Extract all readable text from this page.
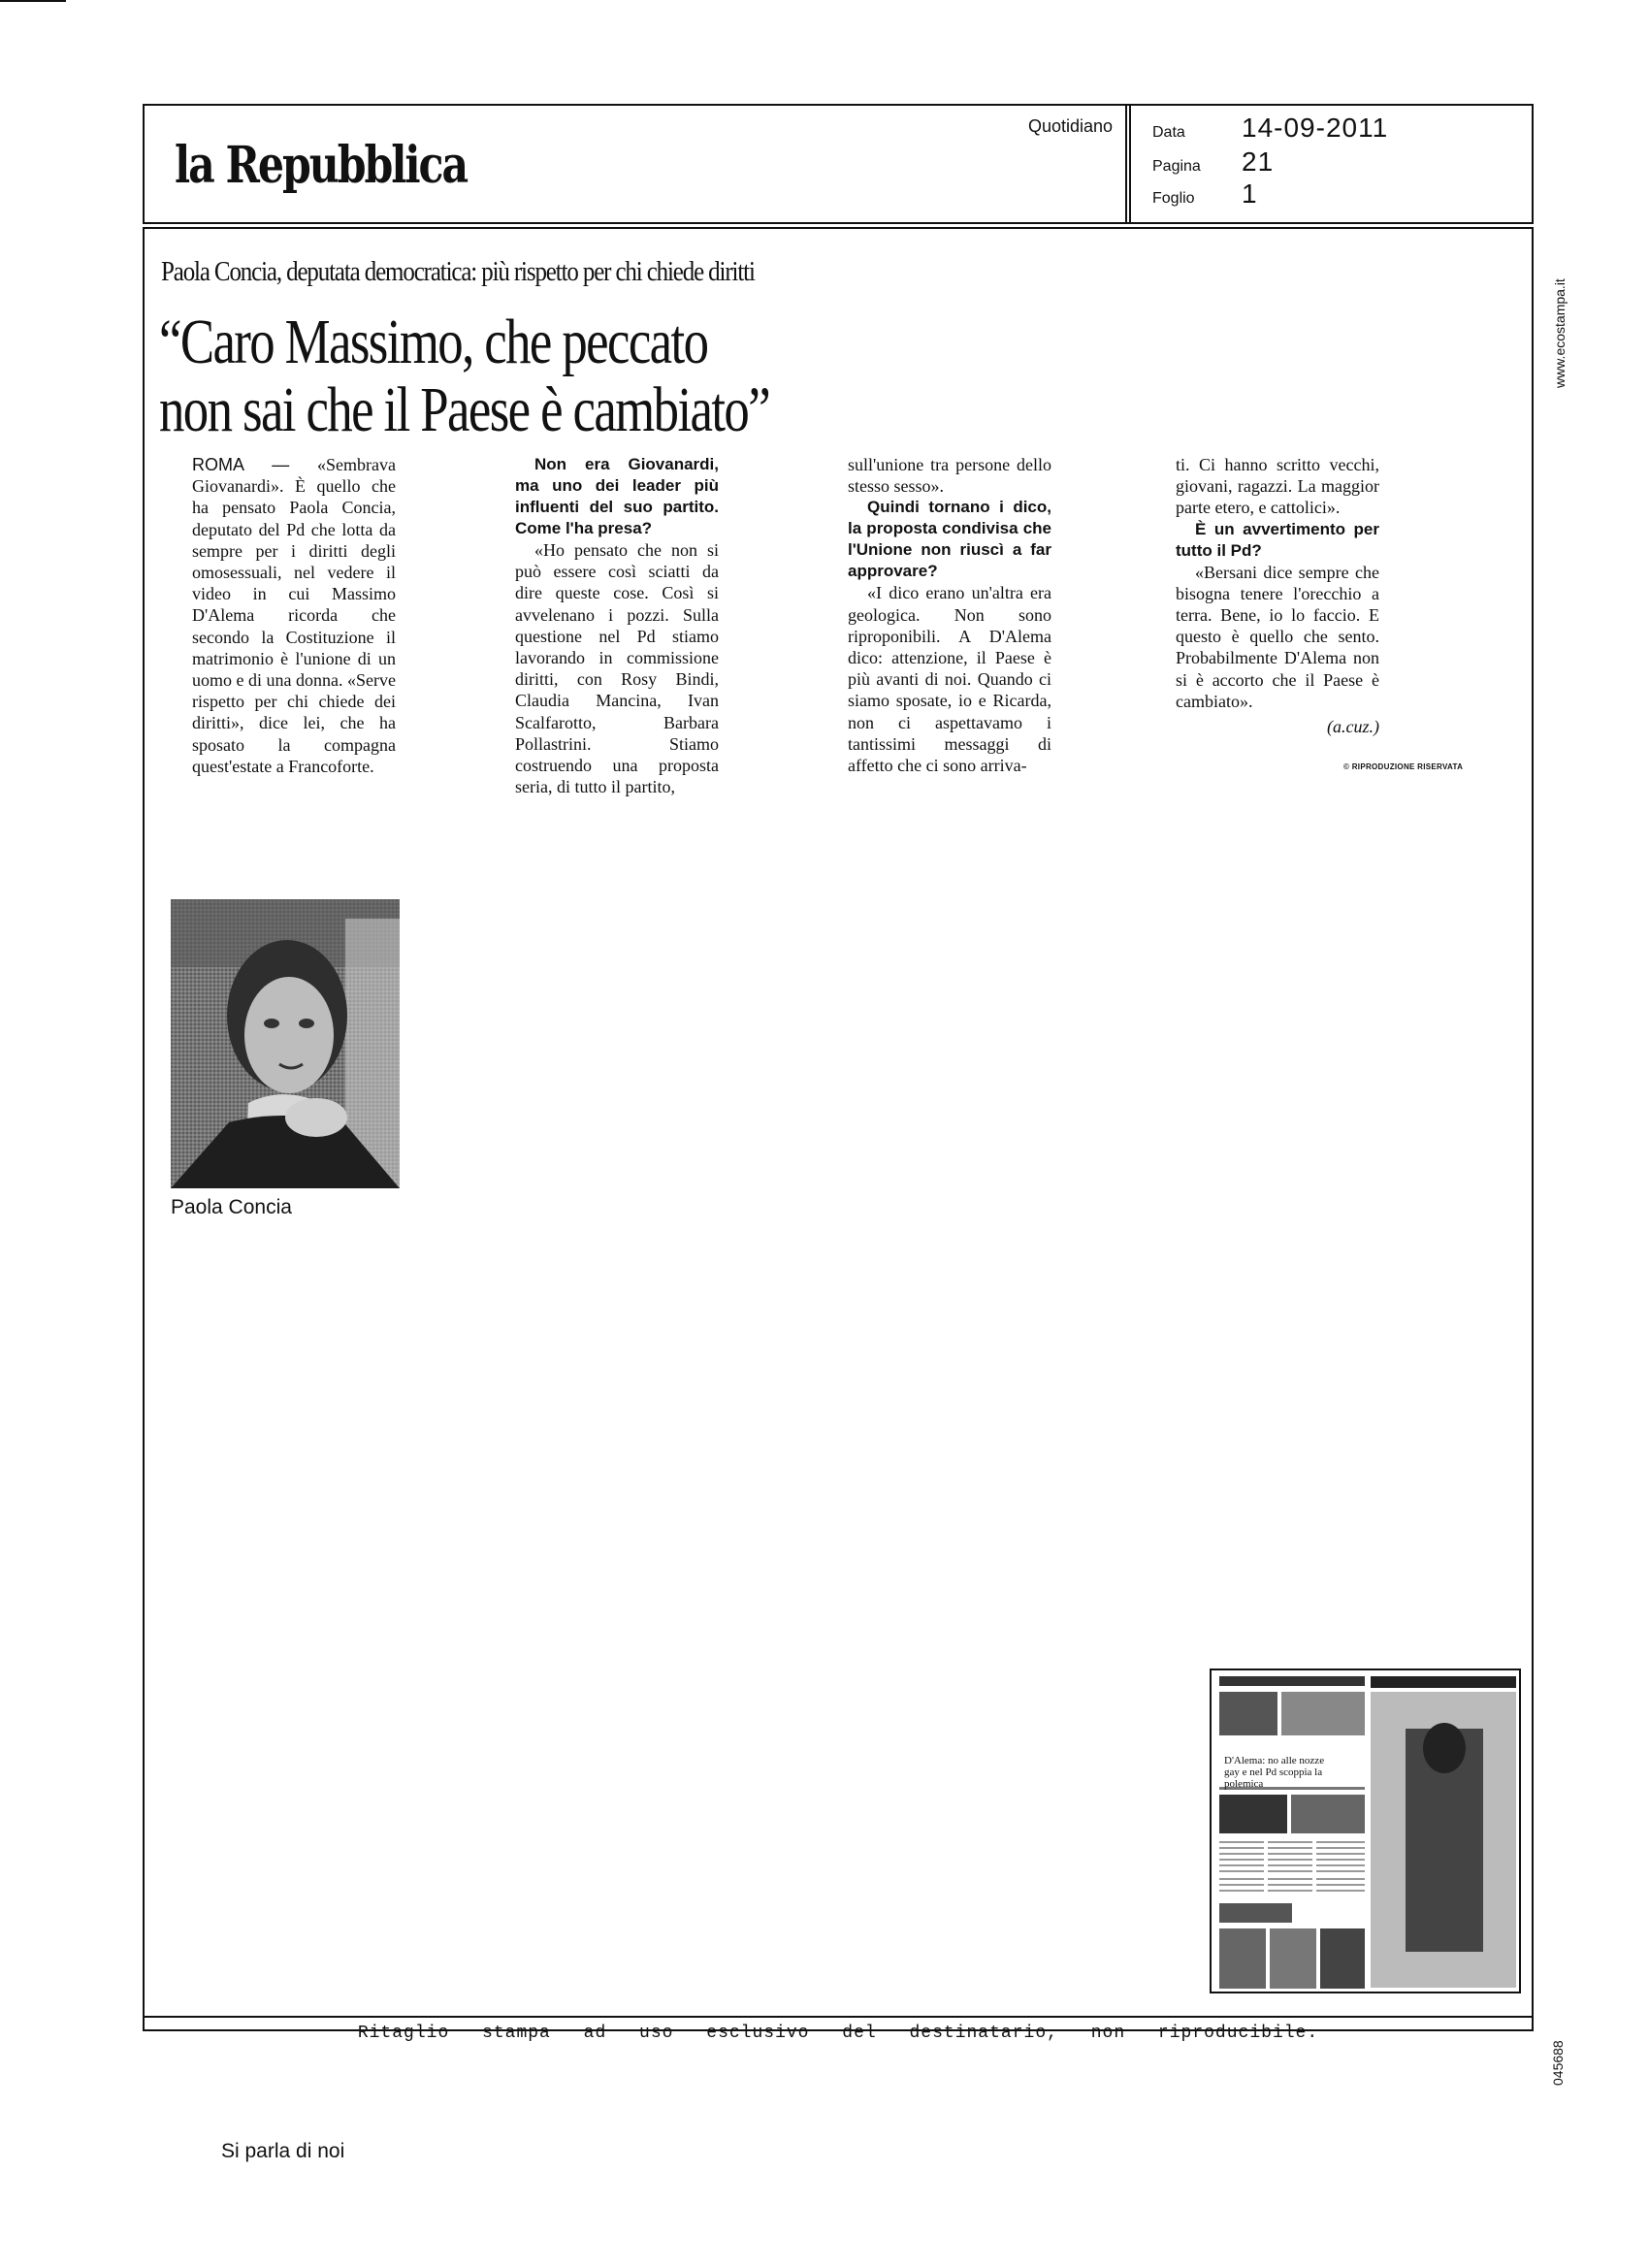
la Repubblica
Quotidiano	Data 14-09-2011
Pagina 21
Foglio 1
www.ecostampa.it
045688
Paola Concia, deputata democratica: più rispetto per chi chiede diritti
“Caro Massimo, che peccato
non sai che il Paese è cambiato”

ROMA — «Sembrava Giovanardi». È quello che ha pensato Paola Concia, deputato del Pd che lotta da sempre per i diritti degli omosessuali, nel vedere il video in cui Massimo D'Alema ricorda che secondo la Costituzione il matrimonio è l'unione di un uomo e di una donna. «Serve rispetto per chi chiede dei diritti», dice lei, che ha sposato la compagna quest'estate a Francoforte.

Non era Giovanardi, ma uno dei leader più influenti del suo partito. Come l'ha presa?

«Ho pensato che non si può essere così sciatti da dire queste cose. Così si avvelenano i pozzi. Sulla questione nel Pd stiamo lavorando in commissione diritti, con Rosy Bindi, Claudia Mancina, Ivan Scalfarotto, Barbara Pollastrini. Stiamo costruendo una proposta seria, di tutto il partito,

sull'unione tra persone dello stesso sesso».

Quindi tornano i dico, la proposta condivisa che l'Unione non riuscì a far approvare?

«I dico erano un'altra era geologica. Non sono riproponibili. A D'Alema dico: attenzione, il Paese è più avanti di noi. Quando ci siamo sposate, io e Ricarda, non ci aspettavamo i tantissimi messaggi di affetto che ci sono arriva-

ti. Ci hanno scritto vecchi, giovani, ragazzi. La maggior parte etero, e cattolici».

È un avvertimento per tutto il Pd?

«Bersani dice sempre che bisogna tenere l'orecchio a terra. Bene, io lo faccio. E questo è quello che sento. Probabilmente D'Alema non si è accorto che il Paese è cambiato».

(a.cuz.)

© RIPRODUZIONE RISERVATA
Paola Concia
D'Alema: no alle nozze gay e nel Pd scoppia la polemica
Ritaglio stampa ad uso esclusivo del destinatario, non riproducibile.
Si parla di noi
